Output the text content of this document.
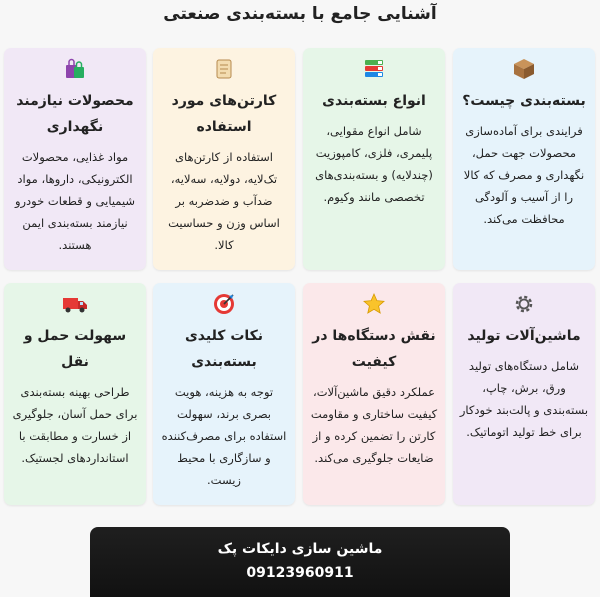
آشنایی جامع با بسته‌بندی صنعتی
بسته‌بندی چیست؟
فرایندی برای آماده‌سازی محصولات جهت حمل، نگهداری و مصرف که کالا را از آسیب و آلودگی محافظت می‌کند.
انواع بسته‌بندی
شامل انواع مقوایی، پلیمری، فلزی، کامپوزیت (چندلایه) و بسته‌بندی‌های تخصصی مانند وکیوم.
کارتن‌های مورد استفاده
استفاده از کارتن‌های تک‌لایه، دولایه، سه‌لایه، ضدآب و ضدضربه بر اساس وزن و حساسیت کالا.
محصولات نیازمند نگهداری
مواد غذایی، محصولات الکترونیکی، داروها، مواد شیمیایی و قطعات خودرو نیازمند بسته‌بندی ایمن هستند.
ماشین‌آلات تولید
شامل دستگاه‌های تولید ورق، برش، چاپ، بسته‌بندی و پالت‌بند خودکار برای خط تولید اتوماتیک.
نقش دستگاه‌ها در کیفیت
عملکرد دقیق ماشین‌آلات، کیفیت ساختاری و مقاومت کارتن را تضمین کرده و از ضایعات جلوگیری می‌کند.
نکات کلیدی بسته‌بندی
توجه به هزینه، هویت بصری برند، سهولت استفاده برای مصرف‌کننده و سازگاری با محیط زیست.
سهولت حمل و نقل
طراحی بهینه بسته‌بندی برای حمل آسان، جلوگیری از خسارت و مطابقت با استانداردهای لجستیک.
ماشین سازی دایکات پک
09123960911
